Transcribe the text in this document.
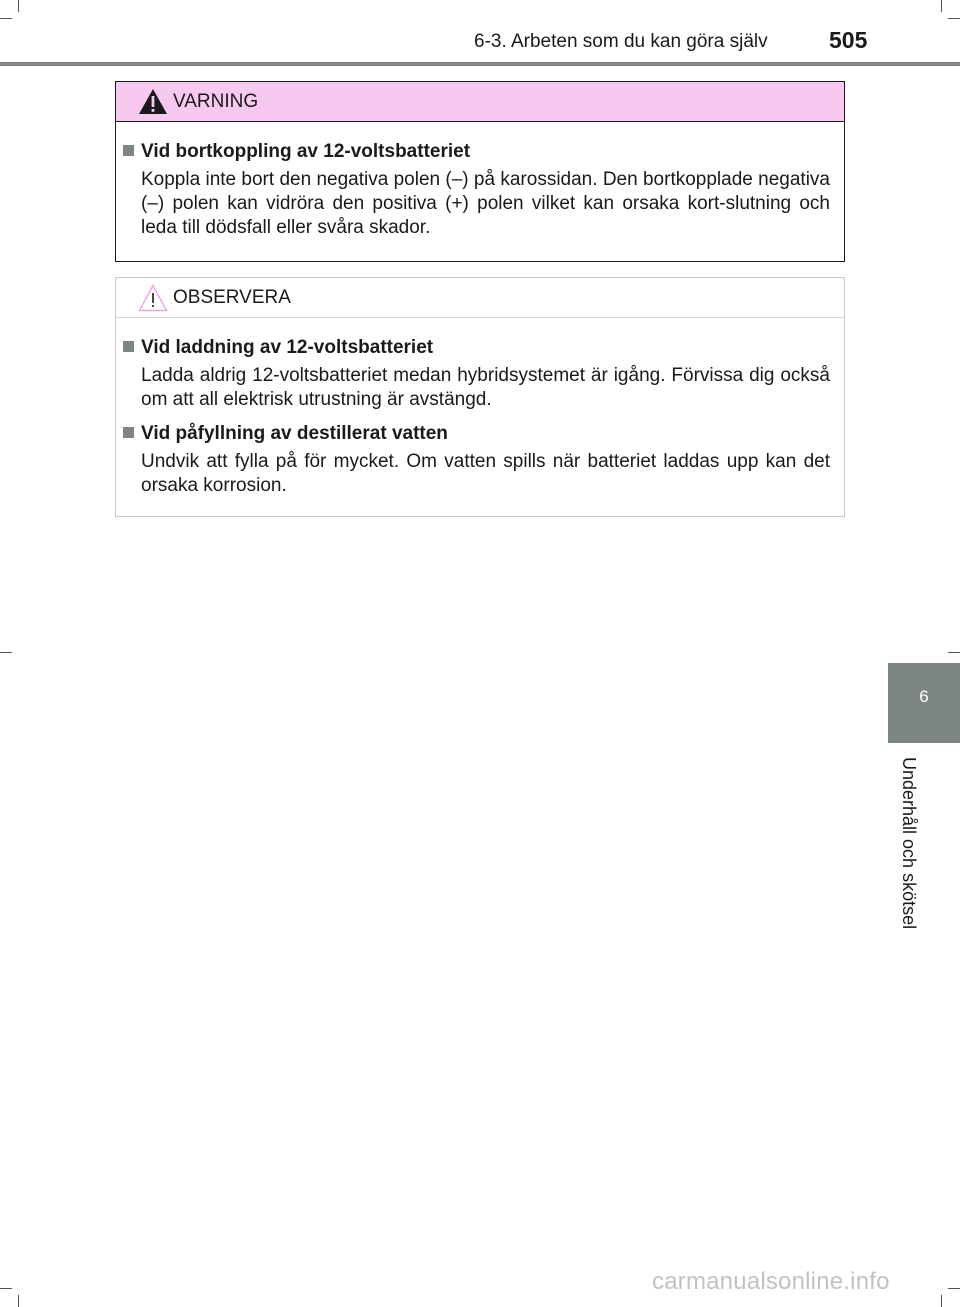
6-3. Arbeten som du kan göra själv	505
VARNING

Vid bortkoppling av 12-voltsbatteriet

Koppla inte bort den negativa polen (–) på karossidan. Den bortkopplade negativa (–) polen kan vidröra den positiva (+) polen vilket kan orsaka kort-slutning och leda till dödsfall eller svåra skador.

OBSERVERA

Vid laddning av 12-voltsbatteriet

Ladda aldrig 12-voltsbatteriet medan hybridsystemet är igång. Förvissa dig också om att all elektrisk utrustning är avstängd.

Vid påfyllning av destillerat vatten

Undvik att fylla på för mycket. Om vatten spills när batteriet laddas upp kan det orsaka korrosion.

6
Underhåll och skötsel
carmanualsonline.info
